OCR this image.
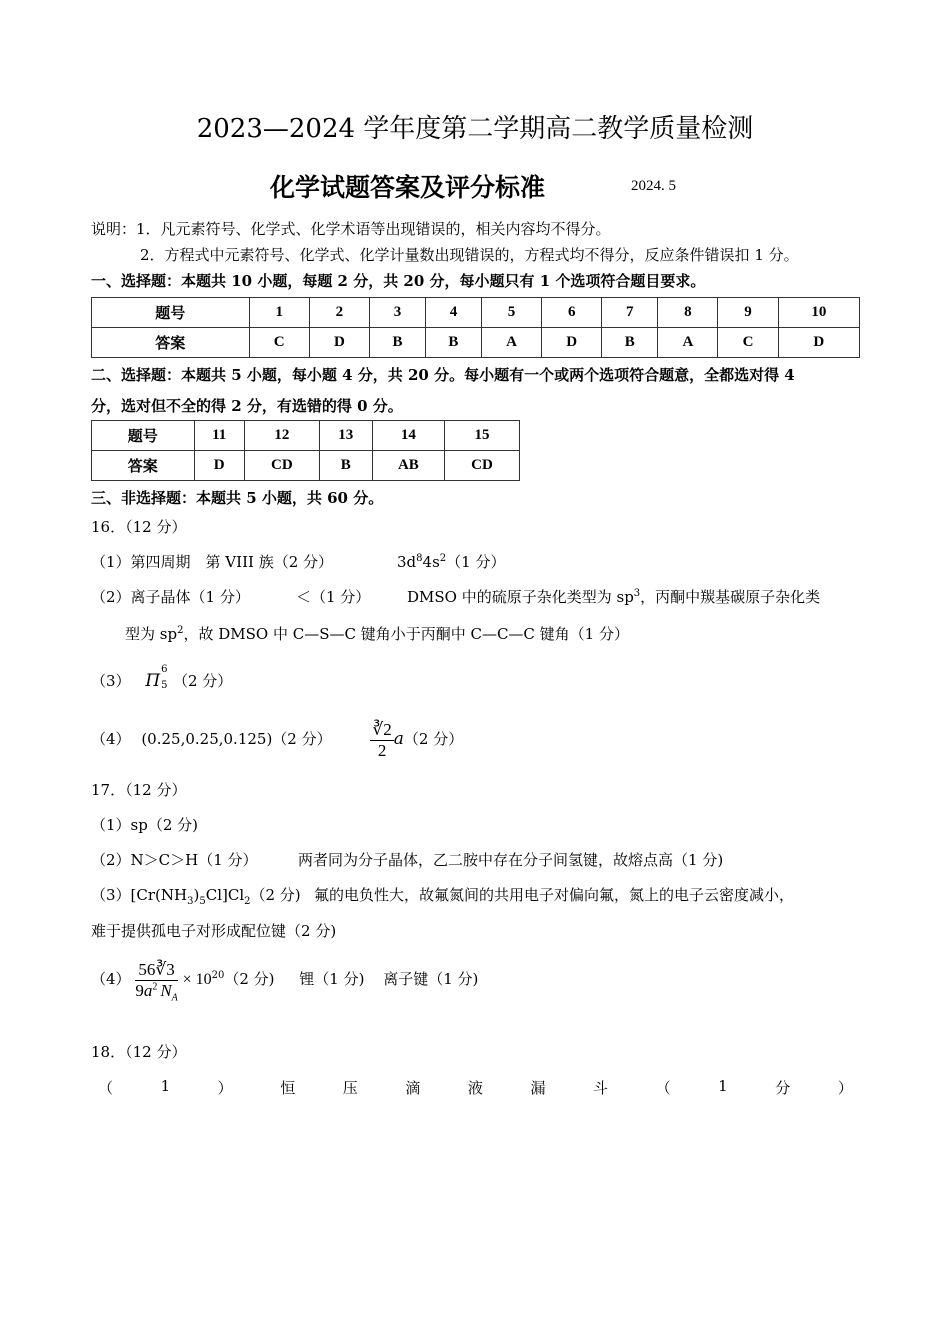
2023—2024 学年度第二学期高二教学质量检测
化学试题答案及评分标准	2024. 5
说明：1．凡元素符号、化学式、化学术语等出现错误的，相关内容均不得分。
2．方程式中元素符号、化学式、化学计量数出现错误的，方程式均不得分，反应条件错误扣 1 分。
一、选择题：本题共 10 小题，每题 2 分，共 20 分，每小题只有 1 个选项符合题目要求。
题号	1	2	3	4	5	6	7	8	9	10
答案	C	D	B	B	A	D	B	A	C	D
二、选择题：本题共 5 小题，每小题 4 分，共 20 分。每小题有一个或两个选项符合题意，全都选对得 4
分，选对但不全的得 2 分，有选错的得 0 分。
题号	11	12	13	14	15
答案	D	CD	B	AB	CD
三、非选择题：本题共 5 小题，共 60 分。
16．（12 分）
（1）第四周期　第 VIII 族（2 分）	$3d^84s^2(1$ 分）
（2）离子晶体（1 分）	＜（1 分） DMSO 中的硫原子杂化类型为 $sp^3$，丙酮中羰基碳原子杂化类
型为 $sp^2$，故 DMSO 中 C—S—C 键角小于丙酮中 C—C—C 键角（1 分）
（3） Π
6
5 （2 分）
（4） (0.25,0.25,0.125)（2 分） $\frac{∛2}{2} a(2$ 分）
17．（12 分）
（1）sp（2 分)
（2）N＞C＞H（1 分）	两者同为分子晶体，乙二胺中存在分子间氢键，故熔点高（1 分)
$(3)[Cr(NH_3)_5Cl]Cl_2(2$ 分) 氟的电负性大，故氟氮间的共用电子对偏向氟，氮上的电子云密度减小，
难于提供孤电子对形成配位键（2 分)
$(4) \frac{56∛3}{9a^2 N_A} \times 10^{20}(2$ 分) 锂（1 分) 离子键（1 分)
18．（12 分）
（	1	）	恒	压	滴	液	漏	斗	（	1	分	）
